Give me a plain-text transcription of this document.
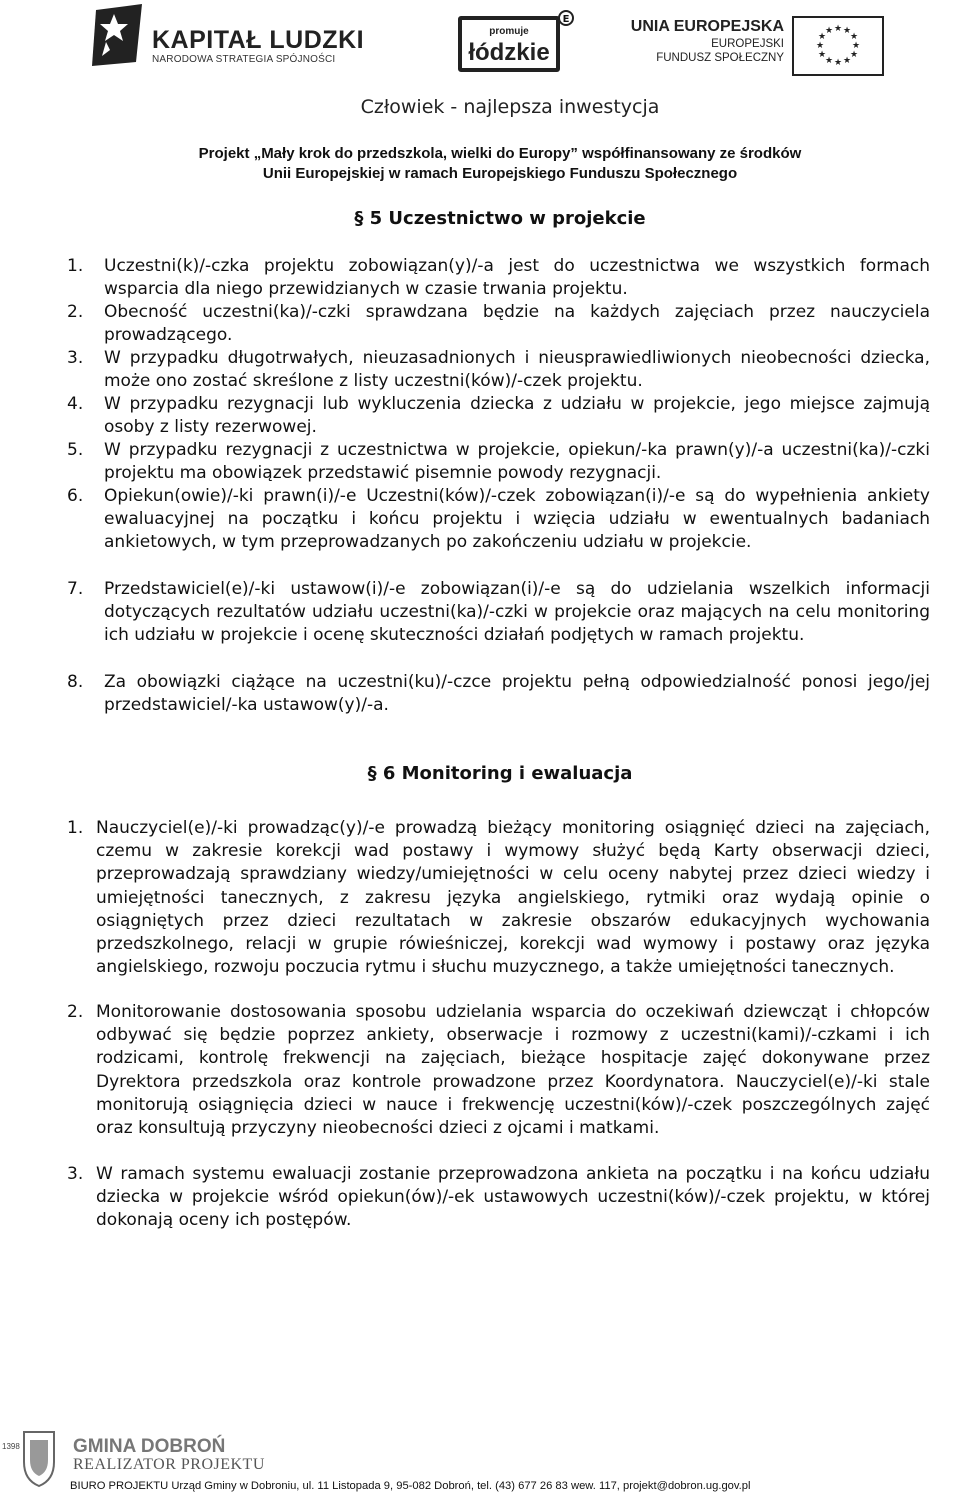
KAPITAŁ LUDZKI
NARODOWA STRATEGIA SPÓJNOŚCI
promuje
łódzkie
E	UNIA EUROPEJSKA
EUROPEJSKI
FUNDUSZ SPOŁECZNY
★ ★
★
★
★
★
★
★
★
★
★
★
Człowiek - najlepsza inwestycja
Projekt „Mały krok do przedszkola, wielki do Europy” współfinansowany ze środków
Unii Europejskiej w ramach Europejskiego Funduszu Społecznego
§ 5 Uczestnictwo w projekcie
1.	Uczestni(k)/-czka projektu zobowiązan(y)/-a jest do uczestnictwa we wszystkich formach wsparcia dla niego przewidzianych w czasie trwania projektu.
2.	Obecność uczestni(ka)/-czki sprawdzana będzie na każdych zajęciach przez nauczyciela prowadzącego.
3.	W przypadku długotrwałych, nieuzasadnionych i nieusprawiedliwionych nieobecności dziecka, może ono zostać skreślone z listy uczestni(ków)/-czek projektu.
4.	W przypadku rezygnacji lub wykluczenia dziecka z udziału w projekcie, jego miejsce zajmują osoby z listy rezerwowej.
5.	W przypadku rezygnacji z uczestnictwa w projekcie, opiekun/-ka prawn(y)/-a uczestni(ka)/-czki projektu ma obowiązek przedstawić pisemnie powody rezygnacji.
6.	Opiekun(owie)/-ki prawn(i)/-e Uczestni(ków)/-czek zobowiązan(i)/-e są do wypełnienia ankiety ewaluacyjnej na początku i końcu projektu i wzięcia udziału w ewentualnych badaniach ankietowych, w tym przeprowadzanych po zakończeniu udziału w projekcie.
7.	Przedstawiciel(e)/-ki ustawow(i)/-e zobowiązan(i)/-e są do udzielania wszelkich informacji dotyczących rezultatów udziału uczestni(ka)/-czki w projekcie oraz mających na celu monitoring ich udziału w projekcie i ocenę skuteczności działań podjętych w ramach projektu.
8.	Za obowiązki ciążące na uczestni(ku)/-czce projektu pełną odpowiedzialność ponosi jego/jej przedstawiciel/-ka ustawow(y)/-a.
§ 6 Monitoring i ewaluacja
1. Nauczyciel(e)/-ki prowadząc(y)/-e prowadzą bieżący monitoring osiągnięć dzieci na zajęciach, czemu w zakresie korekcji wad postawy i wymowy służyć będą Karty obserwacji dzieci, przeprowadzają sprawdziany wiedzy/umiejętności w celu oceny nabytej przez dzieci wiedzy i umiejętności tanecznych, z zakresu języka angielskiego, rytmiki oraz wydają opinie o osiągniętych przez dzieci rezultatach w zakresie obszarów edukacyjnych wychowania przedszkolnego, relacji w grupie rówieśniczej, korekcji wad wymowy i postawy oraz języka angielskiego, rozwoju poczucia rytmu i słuchu muzycznego, a także umiejętności tanecznych.
2. Monitorowanie dostosowania sposobu udzielania wsparcia do oczekiwań dziewcząt i chłopców odbywać się będzie poprzez ankiety, obserwacje i rozmowy z uczestni(kami)/-czkami i ich rodzicami, kontrolę frekwencji na zajęciach, bieżące hospitacje zajęć dokonywane przez Dyrektora przedszkola oraz kontrole prowadzone przez Koordynatora. Nauczyciel(e)/-ki stale monitorują osiągnięcia dzieci w nauce i frekwencję uczestni(ków)/-czek poszczególnych zajęć oraz konsultują przyczyny nieobecności dzieci z ojcami i matkami.
3. W ramach systemu ewaluacji zostanie przeprowadzona ankieta na początku i na końcu udziału dziecka w projekcie wśród opiekun(ów)/-ek ustawowych uczestni(ków)/-czek projektu, w której dokonają oceny ich postępów.
1398	GMINA DOBROŃ
REALIZATOR PROJEKTU
BIURO PROJEKTU Urząd Gminy w Dobroniu, ul. 11 Listopada 9, 95-082 Dobroń, tel. (43) 677 26 83 wew. 117, projekt@dobron.ug.gov.pl
